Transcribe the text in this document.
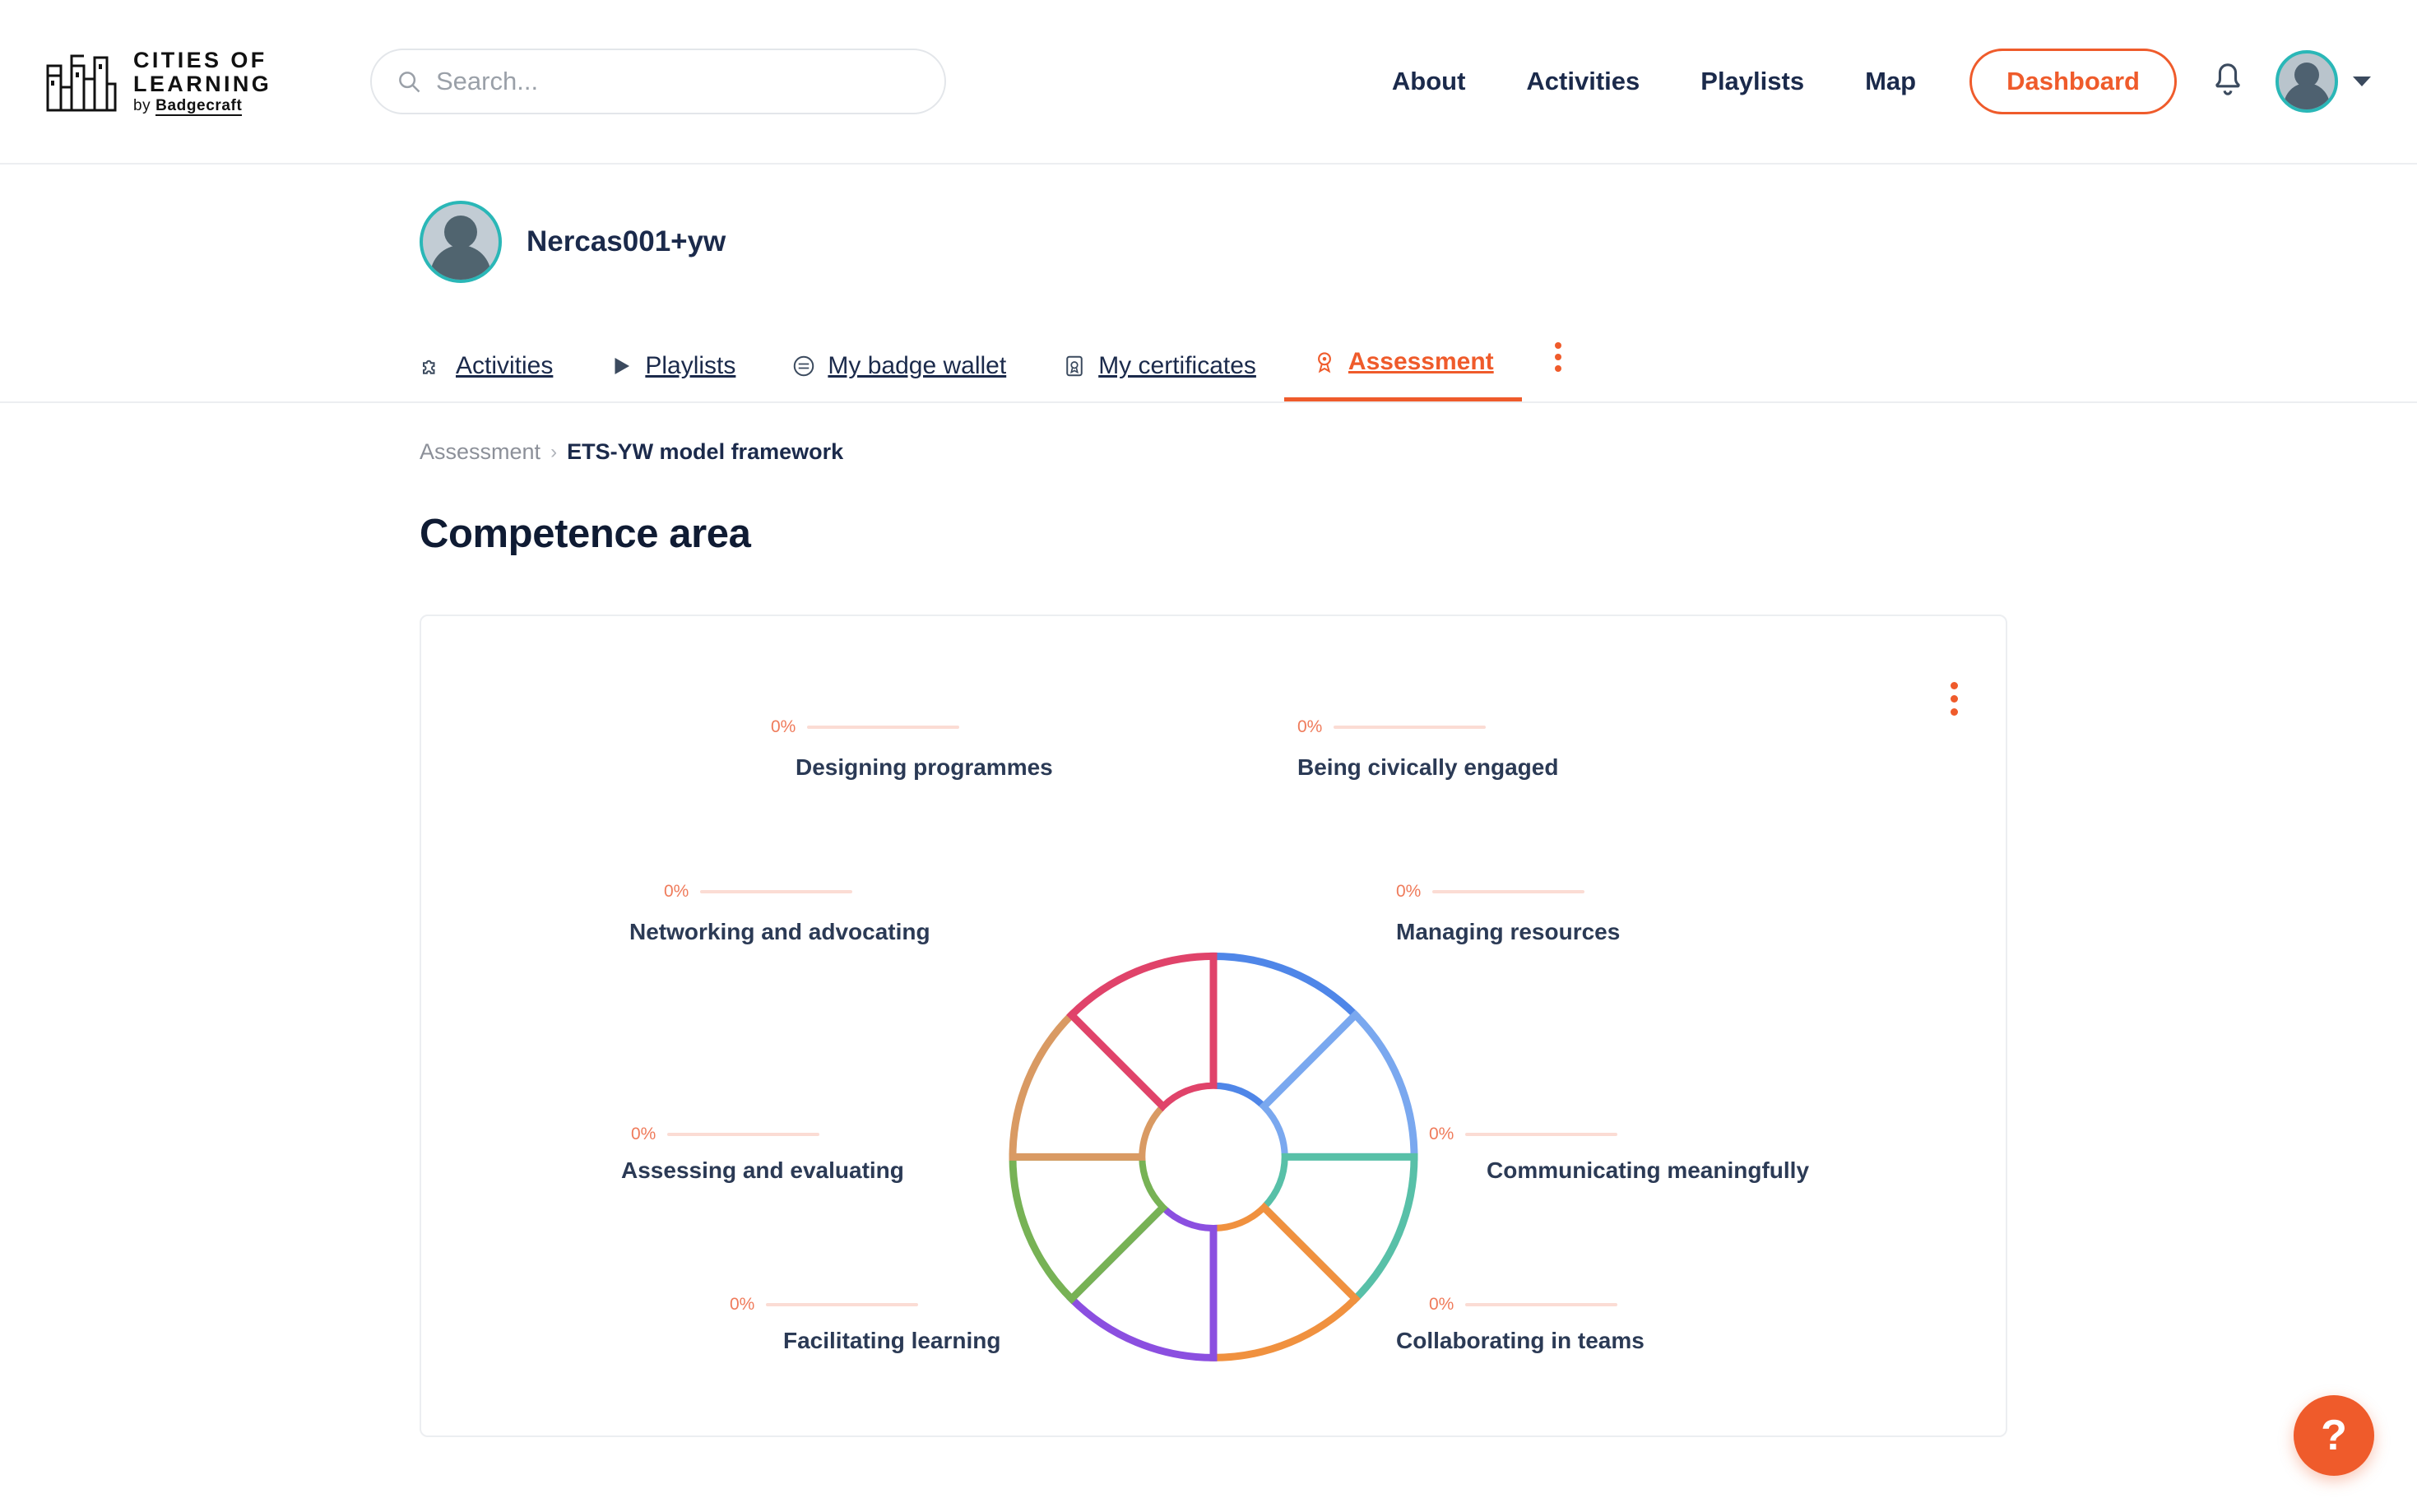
CITIES OF
LEARNING
by Badgecraft
Search...
About	Activities	Playlists	Map	Dashboard
Nercas001+yw
Activities	Playlists	My badge wallet	My certificates	Assessment
Assessment › ETS-YW model framework
Competence area
0%
Designing programmes
0%
Being civically engaged
0%
Networking and advocating
0%
Managing resources
0%
Assessing and evaluating
0%
Communicating meaningfully
0%
Facilitating learning
0%
Collaborating in teams
?
